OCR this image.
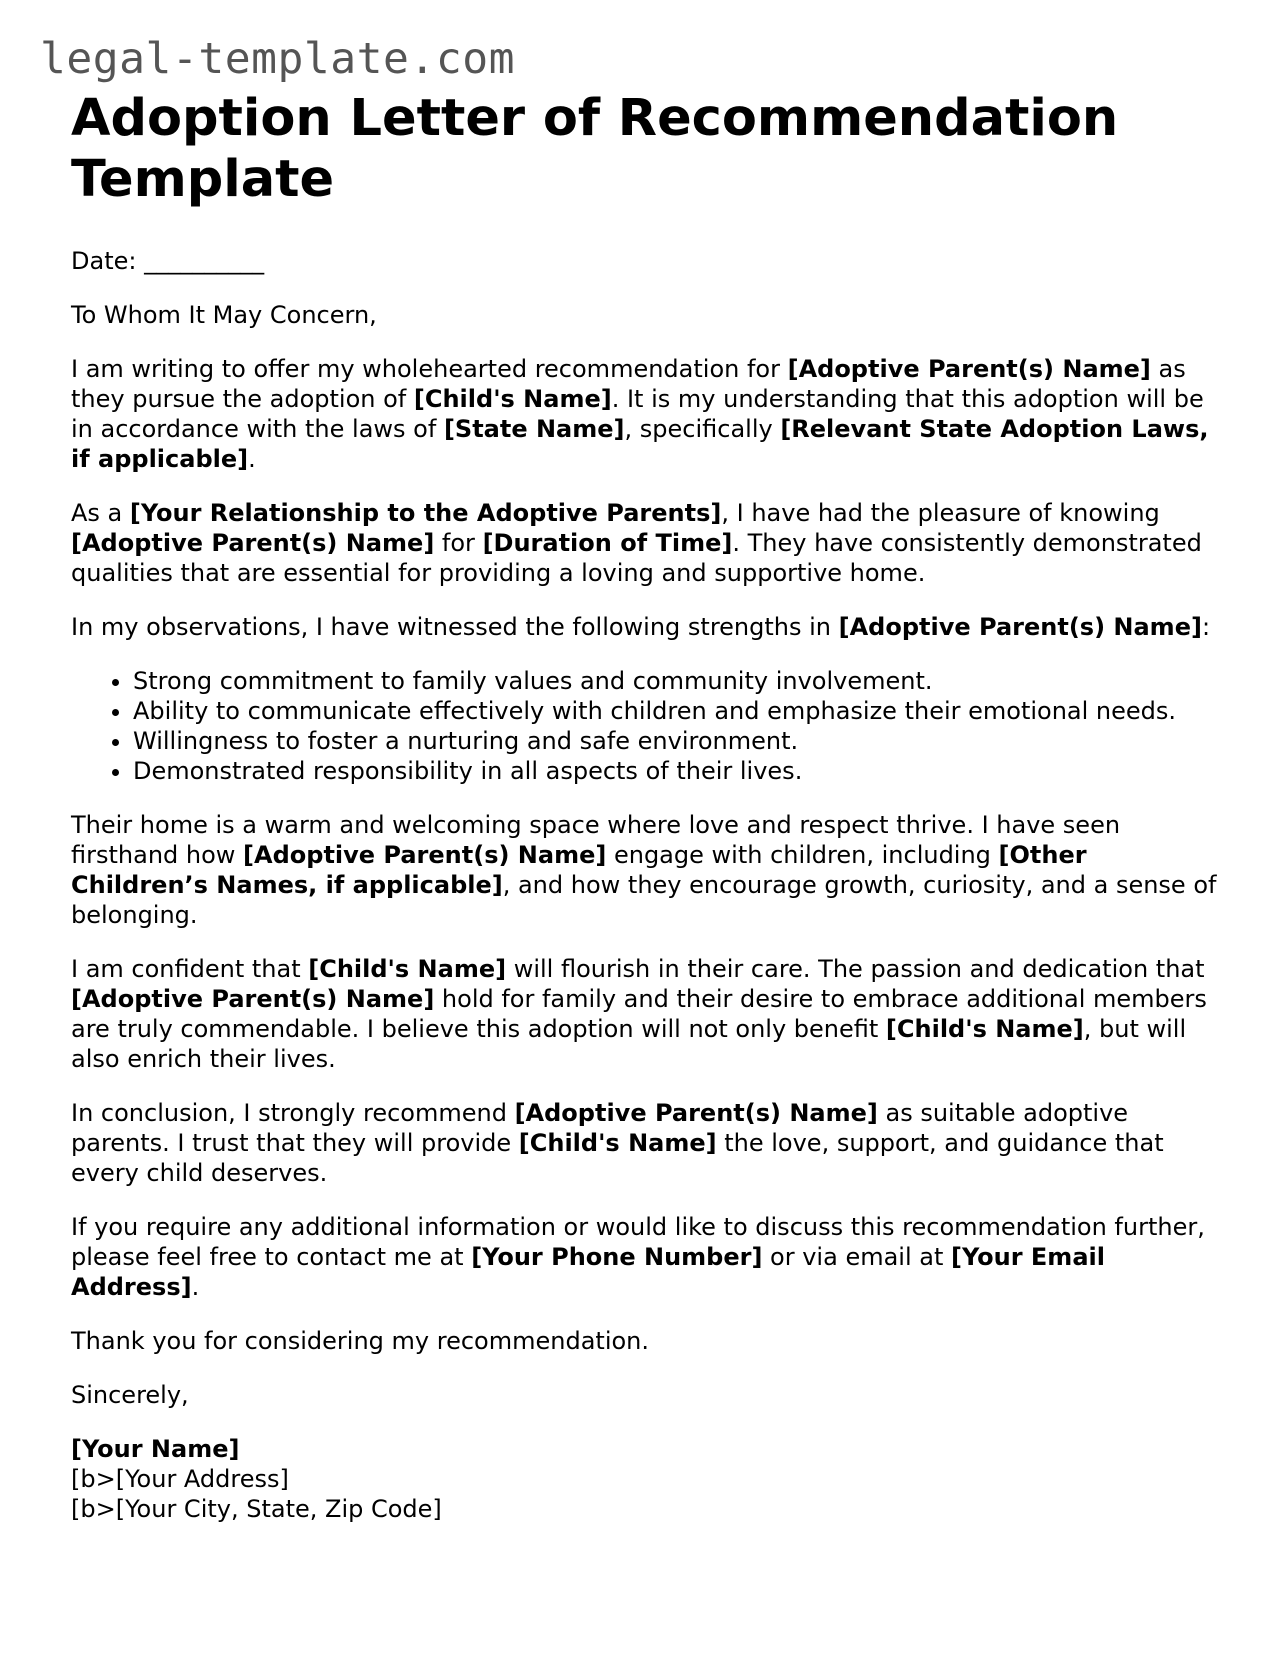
legal-template.com
Adoption Letter of Recommendation Template

Date: __________

To Whom It May Concern,

I am writing to offer my wholehearted recommendation for [Adoptive Parent(s) Name] as they pursue the adoption of [Child's Name]. It is my understanding that this adoption will be in accordance with the laws of [State Name], specifically [Relevant State Adoption Laws, if applicable].

As a [Your Relationship to the Adoptive Parents], I have had the pleasure of knowing [Adoptive Parent(s) Name] for [Duration of Time]. They have consistently demonstrated qualities that are essential for providing a loving and supportive home.

In my observations, I have witnessed the following strengths in [Adoptive Parent(s) Name]:

• Strong commitment to family values and community involvement.
• Ability to communicate effectively with children and emphasize their emotional needs.
• Willingness to foster a nurturing and safe environment.
• Demonstrated responsibility in all aspects of their lives.

Their home is a warm and welcoming space where love and respect thrive. I have seen firsthand how [Adoptive Parent(s) Name] engage with children, including [Other Children’s Names, if applicable], and how they encourage growth, curiosity, and a sense of belonging.

I am confident that [Child's Name] will flourish in their care. The passion and dedication that [Adoptive Parent(s) Name] hold for family and their desire to embrace additional members are truly commendable. I believe this adoption will not only benefit [Child's Name], but will also enrich their lives.

In conclusion, I strongly recommend [Adoptive Parent(s) Name] as suitable adoptive parents. I trust that they will provide [Child's Name] the love, support, and guidance that every child deserves.

If you require any additional information or would like to discuss this recommendation further, please feel free to contact me at [Your Phone Number] or via email at [Your Email Address].

Thank you for considering my recommendation.

Sincerely,

[Your Name]
[b>[Your Address]
[b>[Your City, State, Zip Code]
